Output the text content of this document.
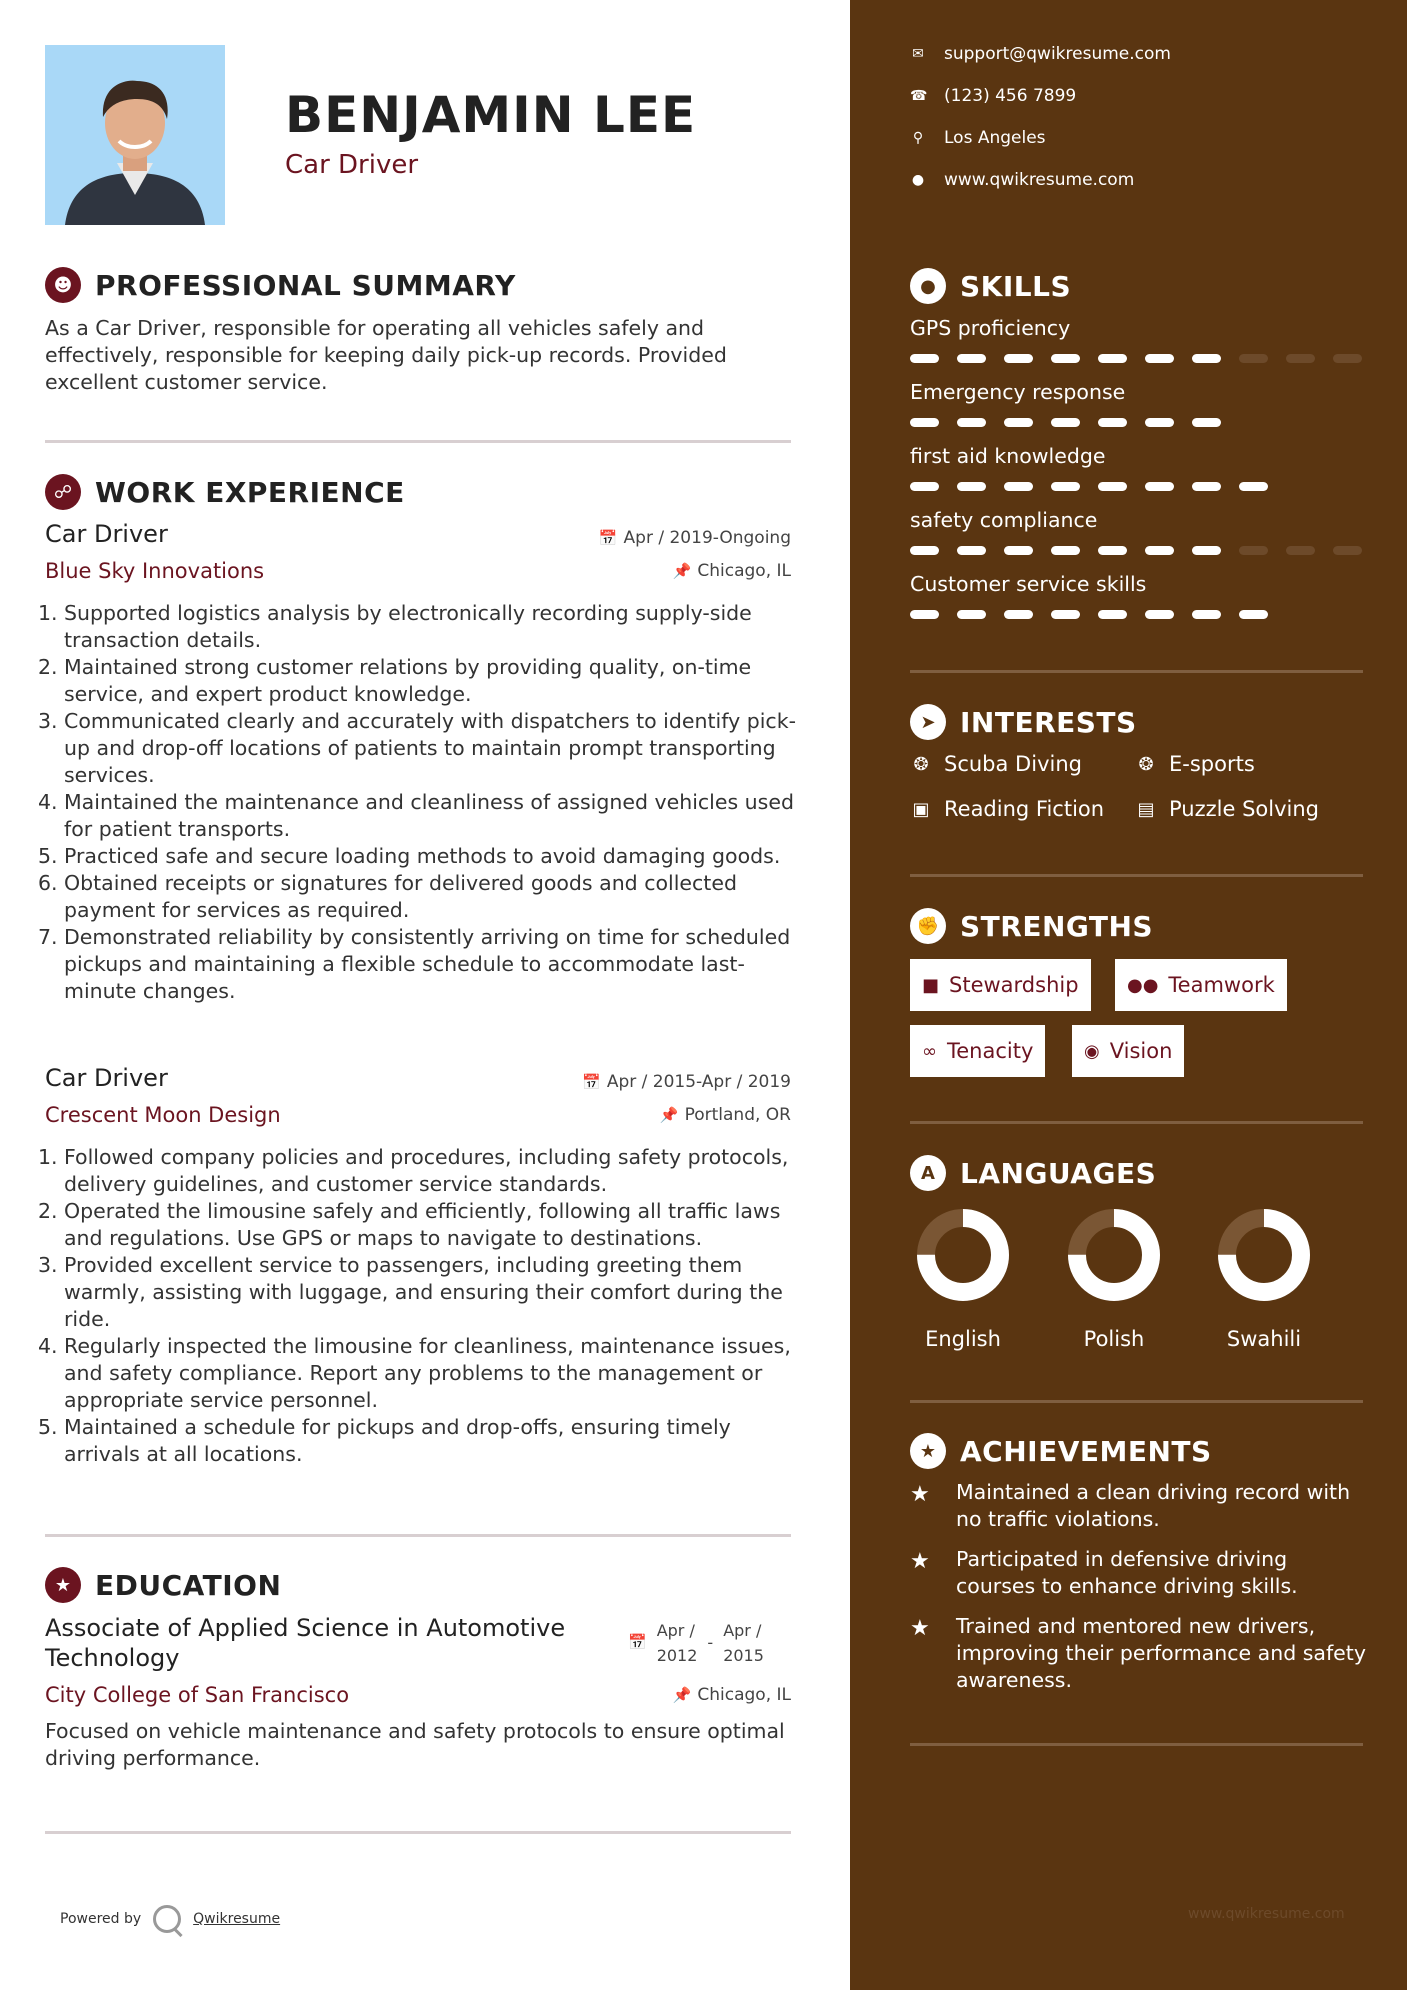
BENJAMIN LEE
Car Driver
☻ PROFESSIONAL SUMMARY
As a Car Driver, responsible for operating all vehicles safely and effectively, responsible for keeping daily pick-up records. Provided excellent customer service.
☍ WORK EXPERIENCE
Car Driver	📅 Apr / 2019-Ongoing
Blue Sky Innovations	📌 Chicago, IL
Supported logistics analysis by electronically recording supply-side transaction details.
Maintained strong customer relations by providing quality, on-time service, and expert product knowledge.
Communicated clearly and accurately with dispatchers to identify pick-up and drop-off locations of patients to maintain prompt transporting services.
Maintained the maintenance and cleanliness of assigned vehicles used for patient transports.
Practiced safe and secure loading methods to avoid damaging goods.
Obtained receipts or signatures for delivered goods and collected payment for services as required.
Demonstrated reliability by consistently arriving on time for scheduled pickups and maintaining a flexible schedule to accommodate last-minute changes.
Car Driver	📅 Apr / 2015-Apr / 2019
Crescent Moon Design	📌 Portland, OR
Followed company policies and procedures, including safety protocols, delivery guidelines, and customer service standards.
Operated the limousine safely and efficiently, following all traffic laws and regulations. Use GPS or maps to navigate to destinations.
Provided excellent service to passengers, including greeting them warmly, assisting with luggage, and ensuring their comfort during the ride.
Regularly inspected the limousine for cleanliness, maintenance issues, and safety compliance. Report any problems to the management or appropriate service personnel.
Maintained a schedule for pickups and drop-offs, ensuring timely arrivals at all locations.
★ EDUCATION
Associate of Applied Science in Automotive Technology
📅
Apr /
2012
-
Apr /
2015
City College of San Francisco	📌 Chicago, IL
Focused on vehicle maintenance and safety protocols to ensure optimal driving performance.
Powered by	Qwikresume
✉ support@qwikresume.com
☎ (123) 456 7899
⚲ Los Angeles
● www.qwikresume.com
● SKILLS
GPS proficiency
Emergency response
first aid knowledge
safety compliance
Customer service skills
➤ INTERESTS
❂ Scuba Diving	❂ E-sports
▣ Reading Fiction ▤ Puzzle Solving
✊ STRENGTHS
■ Stewardship	●● Teamwork
∞ Tenacity	◉ Vision
A LANGUAGES
English	Polish	Swahili
★ ACHIEVEMENTS
★	Maintained a clean driving record with no traffic violations.
★	Participated in defensive driving courses to enhance driving skills.
★	Trained and mentored new drivers, improving their performance and safety awareness.
www.qwikresume.com
